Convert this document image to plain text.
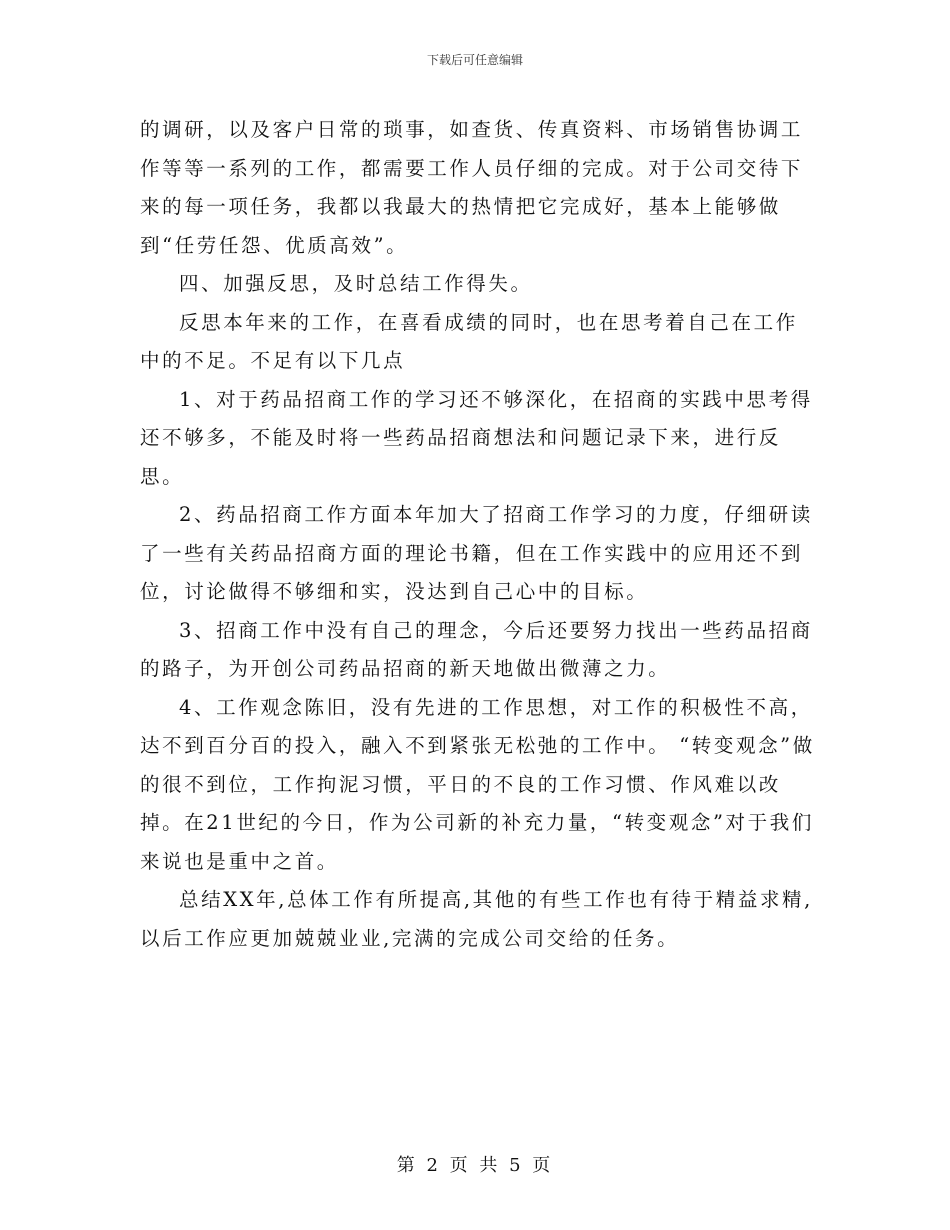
下载后可任意编辑

的调研，以及客户日常的琐事，如查货、传真资料、市场销售协调工作等等一系列的工作，都需要工作人员仔细的完成。对于公司交待下来的每一项任务，我都以我最大的热情把它完成好，基本上能够做到“任劳任怨、优质高效”。

四、加强反思，及时总结工作得失。

反思本年来的工作，在喜看成绩的同时，也在思考着自己在工作中的不足。不足有以下几点

1、对于药品招商工作的学习还不够深化，在招商的实践中思考得还不够多，不能及时将一些药品招商想法和问题记录下来，进行反思。

2、药品招商工作方面本年加大了招商工作学习的力度，仔细研读了一些有关药品招商方面的理论书籍，但在工作实践中的应用还不到位，讨论做得不够细和实，没达到自己心中的目标。

3、招商工作中没有自己的理念，今后还要努力找出一些药品招商的路子，为开创公司药品招商的新天地做出微薄之力。

4、工作观念陈旧，没有先进的工作思想，对工作的积极性不高，达不到百分百的投入，融入不到紧张无松弛的工作中。 “转变观念”做的很不到位，工作拘泥习惯，平日的不良的工作习惯、作风难以改掉。在21世纪的今日，作为公司新的补充力量，“转变观念”对于我们来说也是重中之首。

总结XX年,总体工作有所提高,其他的有些工作也有待于精益求精,以后工作应更加兢兢业业,完满的完成公司交给的任务。

第 2 页 共 5 页
